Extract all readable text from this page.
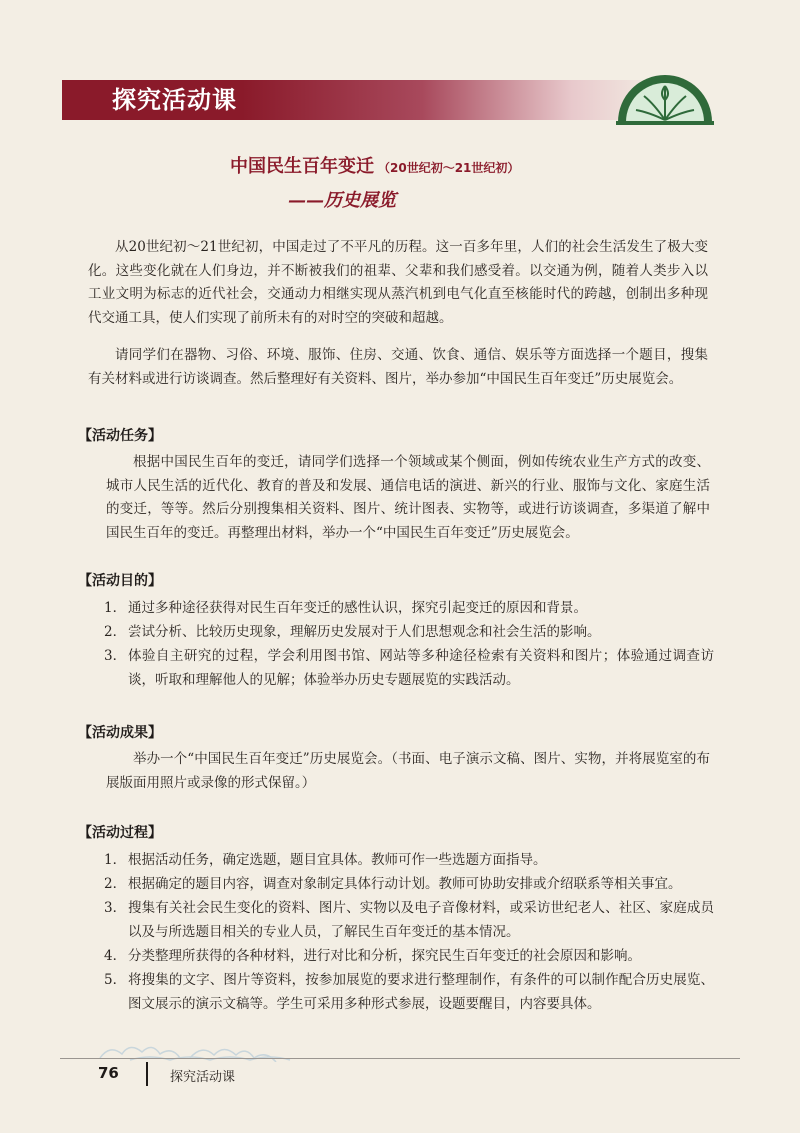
探究活动课
中国民生百年变迁 （20世纪初～21世纪初）
——历史展览

从20世纪初～21世纪初，中国走过了不平凡的历程。这一百多年里，人们的社会生活发生了极大变化。这些变化就在人们身边，并不断被我们的祖辈、父辈和我们感受着。以交通为例，随着人类步入以工业文明为标志的近代社会，交通动力相继实现从蒸汽机到电气化直至核能时代的跨越，创制出多种现代交通工具，使人们实现了前所未有的对时空的突破和超越。

请同学们在器物、习俗、环境、服饰、住房、交通、饮食、通信、娱乐等方面选择一个题目，搜集有关材料或进行访谈调查。然后整理好有关资料、图片，举办参加“中国民生百年变迁”历史展览会。

【活动任务】

根据中国民生百年的变迁，请同学们选择一个领域或某个侧面，例如传统农业生产方式的改变、城市人民生活的近代化、教育的普及和发展、通信电话的演进、新兴的行业、服饰与文化、家庭生活的变迁，等等。然后分别搜集相关资料、图片、统计图表、实物等，或进行访谈调查，多渠道了解中国民生百年的变迁。再整理出材料，举办一个“中国民生百年变迁”历史展览会。

【活动目的】
1． 通过多种途径获得对民生百年变迁的感性认识，探究引起变迁的原因和背景。
2． 尝试分析、比较历史现象，理解历史发展对于人们思想观念和社会生活的影响。
3． 体验自主研究的过程，学会利用图书馆、网站等多种途径检索有关资料和图片；体验通过调查访谈，听取和理解他人的见解；体验举办历史专题展览的实践活动。
【活动成果】

举办一个“中国民生百年变迁”历史展览会。（书面、电子演示文稿、图片、实物，并将展览室的布展版面用照片或录像的形式保留。）

【活动过程】
1． 根据活动任务，确定选题，题目宜具体。教师可作一些选题方面指导。
2． 根据确定的题目内容，调查对象制定具体行动计划。教师可协助安排或介绍联系等相关事宜。
3． 搜集有关社会民生变化的资料、图片、实物以及电子音像材料，或采访世纪老人、社区、家庭成员以及与所选题目相关的专业人员，了解民生百年变迁的基本情况。
4． 分类整理所获得的各种材料，进行对比和分析，探究民生百年变迁的社会原因和影响。
5． 将搜集的文字、图片等资料，按参加展览的要求进行整理制作，有条件的可以制作配合历史展览、图文展示的演示文稿等。学生可采用多种形式参展，设题要醒目，内容要具体。
76	探究活动课
